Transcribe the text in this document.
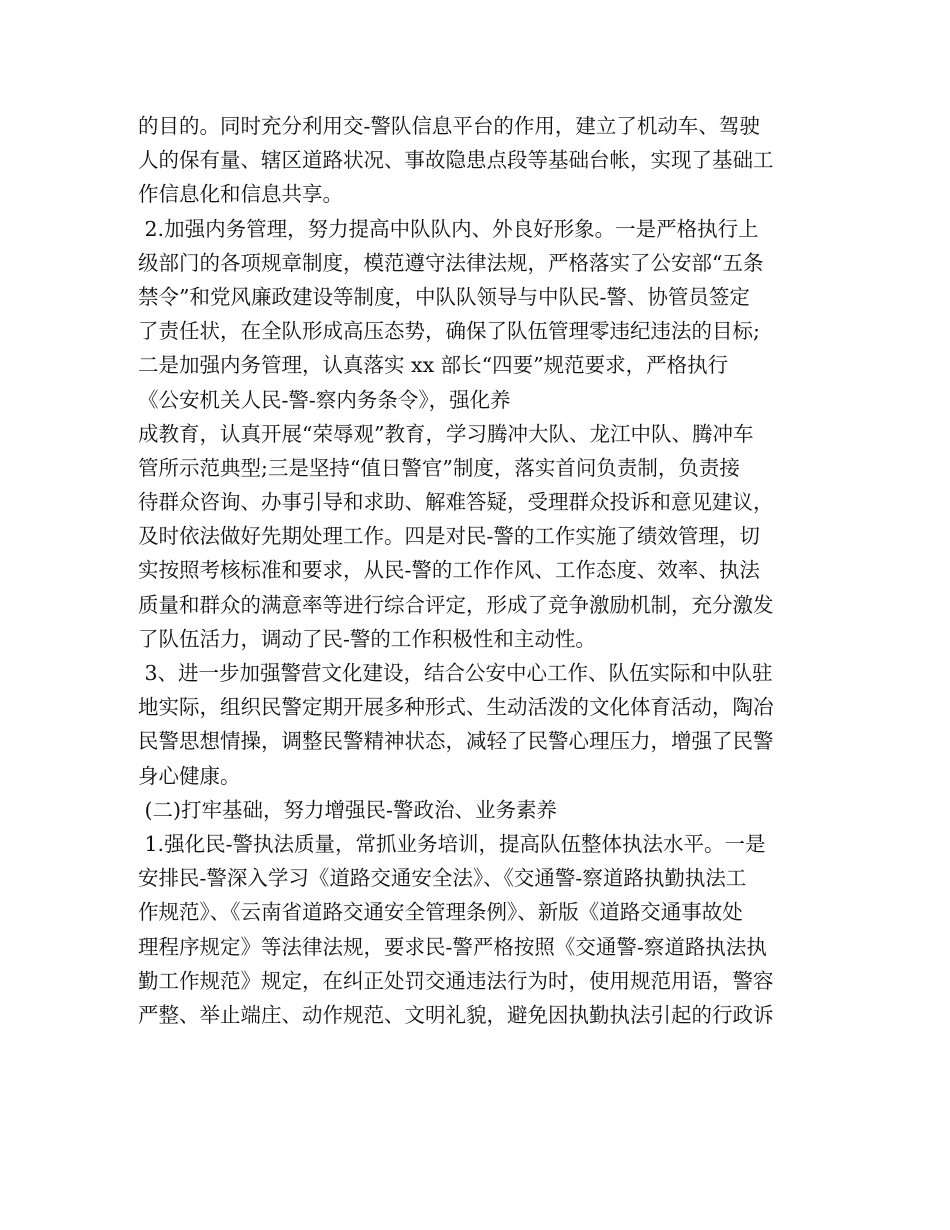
的目的。同时充分利用交-警队信息平台的作用，建立了机动车、驾驶
人的保有量、辖区道路状况、事故隐患点段等基础台帐，实现了基础工
作信息化和信息共享。
2.加强内务管理，努力提高中队队内、外良好形象。一是严格执行上
级部门的各项规章制度，模范遵守法律法规，严格落实了公安部“五条
禁令”和党风廉政建设等制度，中队队领导与中队民-警、协管员签定
了责任状，在全队形成高压态势，确保了队伍管理零违纪违法的目标;
二是加强内务管理，认真落实 xx 部长“四要”规范要求，严格执行
《公安机关人民-警-察内务条令》，强化养
成教育，认真开展“荣辱观”教育，学习腾冲大队、龙江中队、腾冲车
管所示范典型;三是坚持“值日警官”制度，落实首问负责制，负责接
待群众咨询、办事引导和求助、解难答疑，受理群众投诉和意见建议，
及时依法做好先期处理工作。四是对民-警的工作实施了绩效管理，切
实按照考核标准和要求，从民-警的工作作风、工作态度、效率、执法
质量和群众的满意率等进行综合评定，形成了竞争激励机制，充分激发
了队伍活力，调动了民-警的工作积极性和主动性。
3、进一步加强警营文化建设，结合公安中心工作、队伍实际和中队驻
地实际，组织民警定期开展多种形式、生动活泼的文化体育活动，陶冶
民警思想情操，调整民警精神状态，减轻了民警心理压力，增强了民警
身心健康。
(二)打牢基础，努力增强民-警政治、业务素养
1.强化民-警执法质量，常抓业务培训，提高队伍整体执法水平。一是
安排民-警深入学习《道路交通安全法》、《交通警-察道路执勤执法工
作规范》、《云南省道路交通安全管理条例》、新版《道路交通事故处
理程序规定》等法律法规，要求民-警严格按照《交通警-察道路执法执
勤工作规范》规定，在纠正处罚交通违法行为时，使用规范用语，警容
严整、举止端庄、动作规范、文明礼貌，避免因执勤执法引起的行政诉
